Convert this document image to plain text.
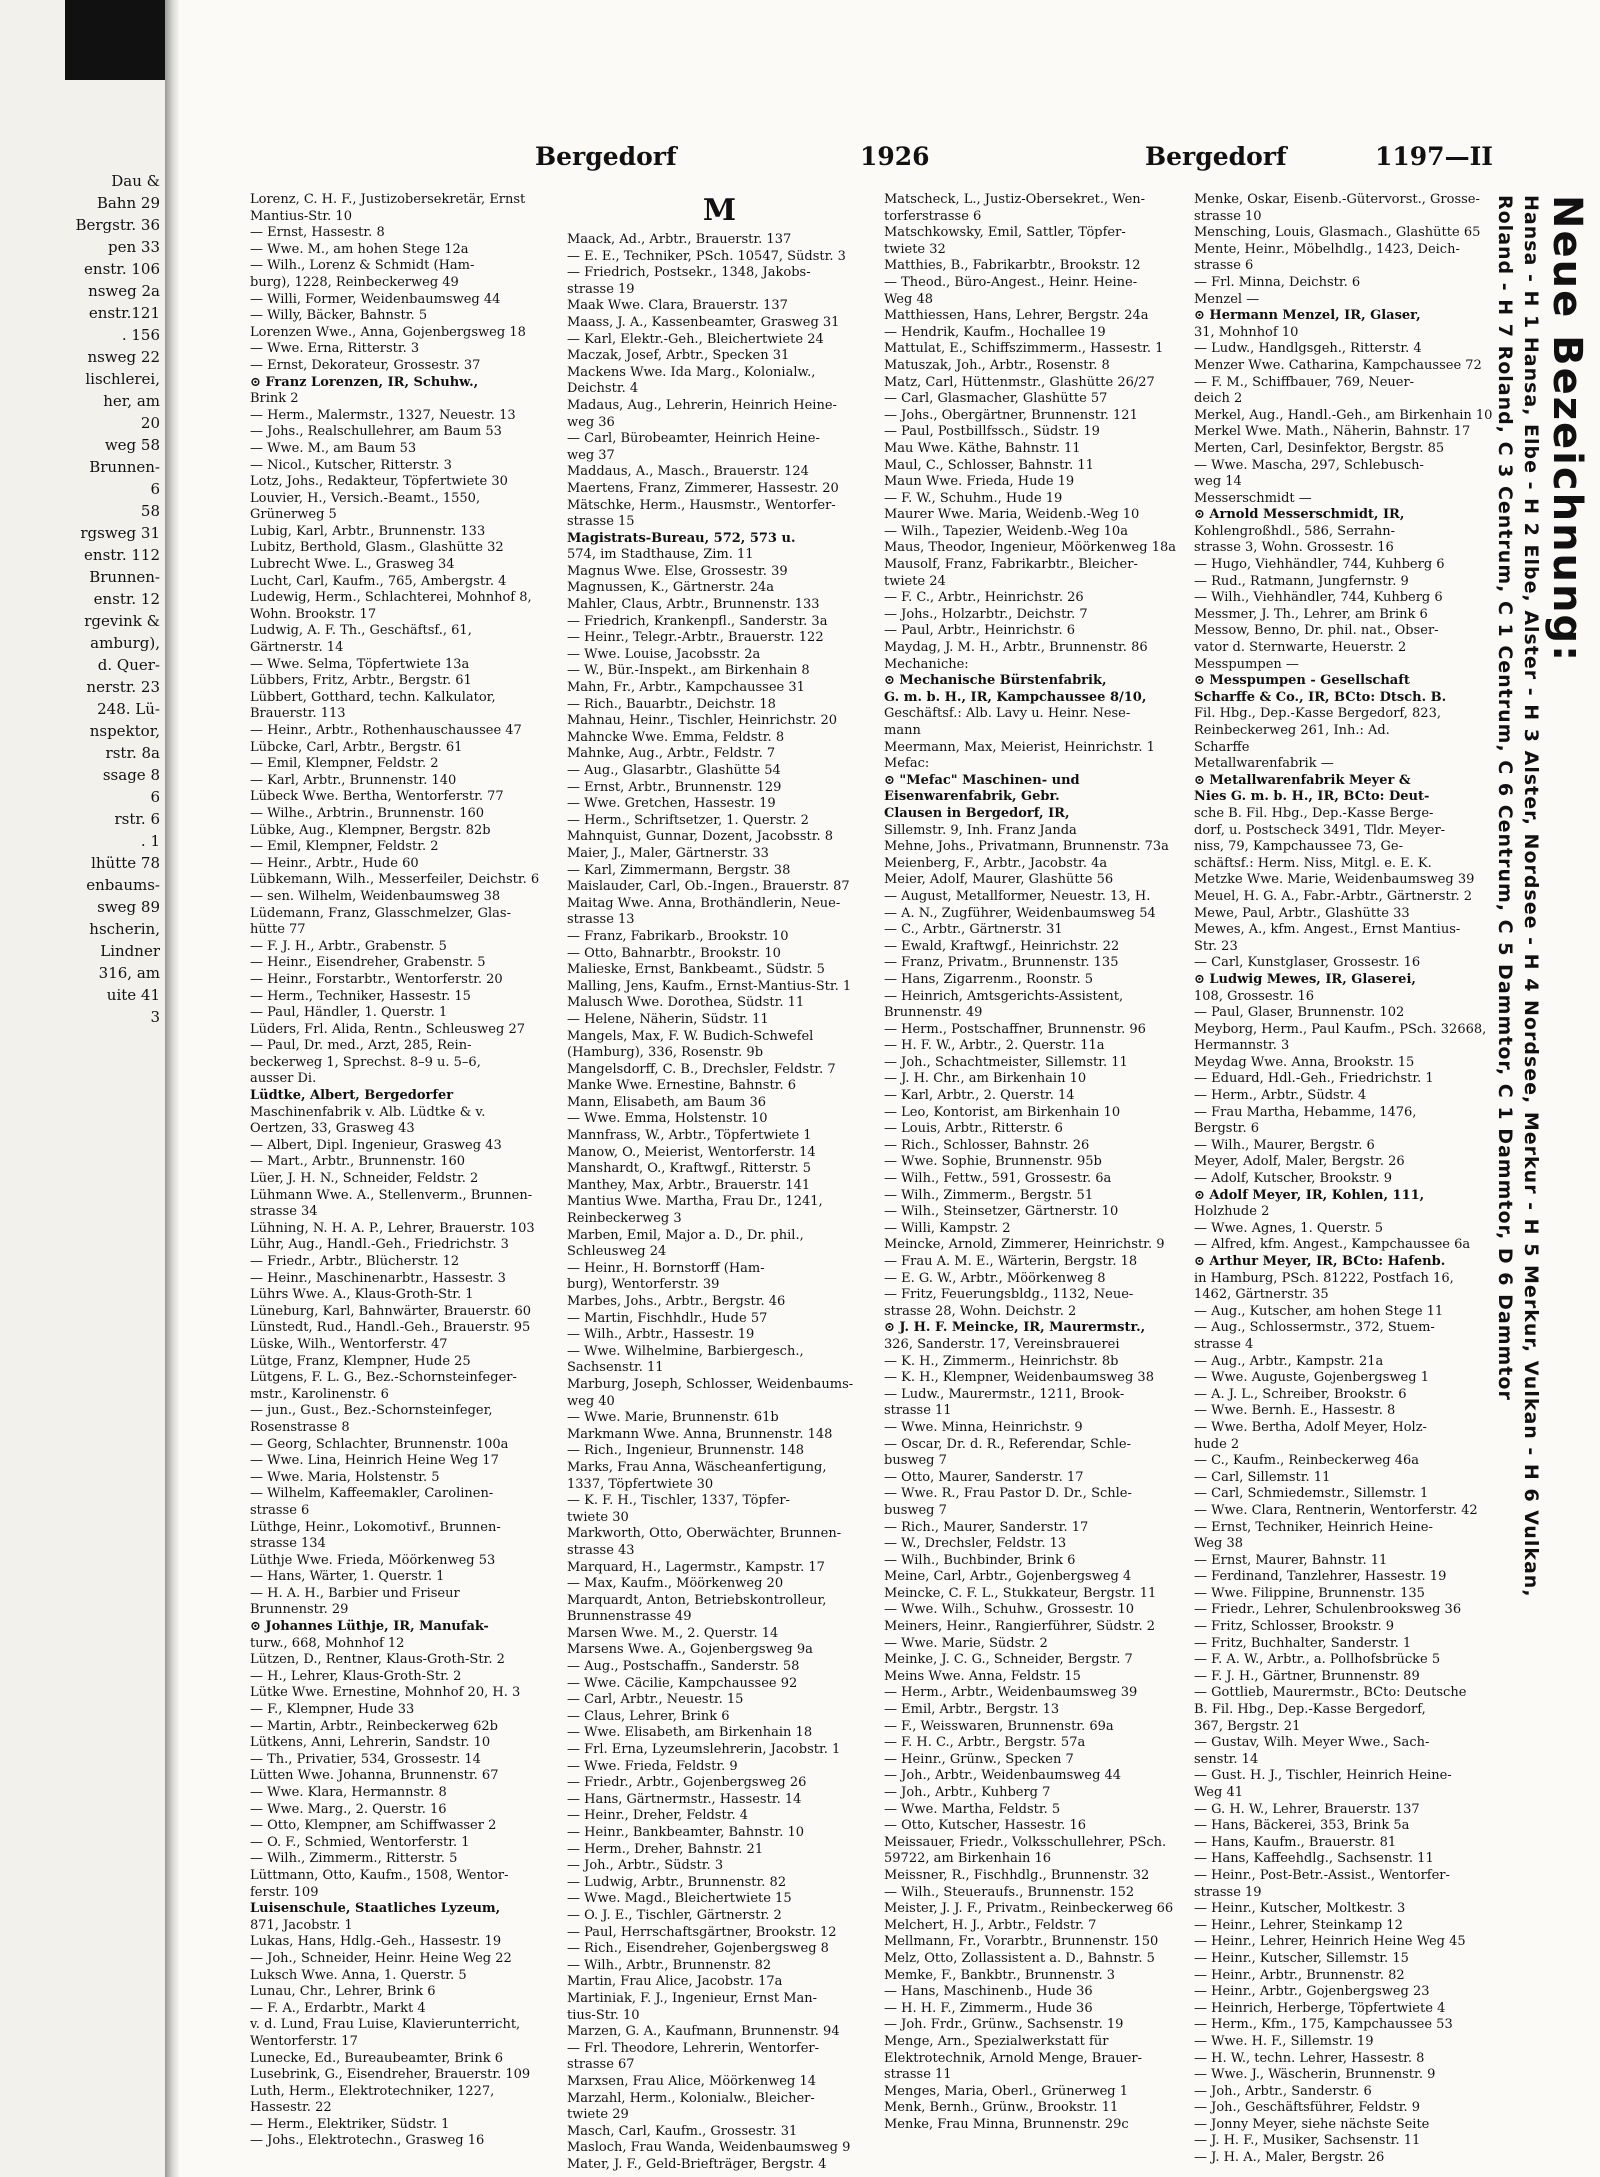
Dau &
Bahn 29
Bergstr. 36
pen 33
enstr. 106
nsweg 2a
enstr.121
. 156
nsweg 22
lischlerei,
her, am
20
weg 58
Brunnen-
6
58
rgsweg 31
enstr. 112
Brunnen-
enstr. 12
rgevink &
amburg),
d. Quer-
nerstr. 23
248. Lü-
nspektor,
rstr. 8a
ssage 8
6
rstr. 6
. 1
lhütte 78
enbaums-
sweg 89
hscherin,
Lindner
316, am
uite 41
3
Bergedorf	1926	Bergedorf	1197—II
Lorenz, C. H. F., Justizobersekretär, Ernst
Mantius-Str. 10
— Ernst, Hassestr. 8
— Wwe. M., am hohen Stege 12a
— Wilh., Lorenz & Schmidt (Ham-
burg), 1228, Reinbeckerweg 49
— Willi, Former, Weidenbaumsweg 44
— Willy, Bäcker, Bahnstr. 5
Lorenzen Wwe., Anna, Gojenbergsweg 18
— Wwe. Erna, Ritterstr. 3
— Ernst, Dekorateur, Grossestr. 37
⊙ Franz Lorenzen, IR, Schuhw.,
Brink 2
— Herm., Malermstr., 1327, Neuestr. 13
— Johs., Realschullehrer, am Baum 53
— Wwe. M., am Baum 53
— Nicol., Kutscher, Ritterstr. 3
Lotz, Johs., Redakteur, Töpfertwiete 30
Louvier, H., Versich.-Beamt., 1550,
Grünerweg 5
Lubig, Karl, Arbtr., Brunnenstr. 133
Lubitz, Berthold, Glasm., Glashütte 32
Lubrecht Wwe. L., Grasweg 34
Lucht, Carl, Kaufm., 765, Ambergstr. 4
Ludewig, Herm., Schlachterei, Mohnhof 8,
Wohn. Brookstr. 17
Ludwig, A. F. Th., Geschäftsf., 61,
Gärtnerstr. 14
— Wwe. Selma, Töpfertwiete 13a
Lübbers, Fritz, Arbtr., Bergstr. 61
Lübbert, Gotthard, techn. Kalkulator,
Brauerstr. 113
— Heinr., Arbtr., Rothenhauschaussee 47
Lübcke, Carl, Arbtr., Bergstr. 61
— Emil, Klempner, Feldstr. 2
— Karl, Arbtr., Brunnenstr. 140
Lübeck Wwe. Bertha, Wentorferstr. 77
— Wilhe., Arbtrin., Brunnenstr. 160
Lübke, Aug., Klempner, Bergstr. 82b
— Emil, Klempner, Feldstr. 2
— Heinr., Arbtr., Hude 60
Lübkemann, Wilh., Messerfeiler, Deichstr. 6
— sen. Wilhelm, Weidenbaumsweg 38
Lüdemann, Franz, Glasschmelzer, Glas-
hütte 77
— F. J. H., Arbtr., Grabenstr. 5
— Heinr., Eisendreher, Grabenstr. 5
— Heinr., Forstarbtr., Wentorferstr. 20
— Herm., Techniker, Hassestr. 15
— Paul, Händler, 1. Querstr. 1
Lüders, Frl. Alida, Rentn., Schleusweg 27
— Paul, Dr. med., Arzt, 285, Rein-
beckerweg 1, Sprechst. 8–9 u. 5–6,
ausser Di.
Lüdtke, Albert, Bergedorfer
Maschinenfabrik v. Alb. Lüdtke & v.
Oertzen, 33, Grasweg 43
— Albert, Dipl. Ingenieur, Grasweg 43
— Mart., Arbtr., Brunnenstr. 160
Lüer, J. H. N., Schneider, Feldstr. 2
Lühmann Wwe. A., Stellenverm., Brunnen-
strasse 34
Lühning, N. H. A. P., Lehrer, Brauerstr. 103
Lühr, Aug., Handl.-Geh., Friedrichstr. 3
— Friedr., Arbtr., Blücherstr. 12
— Heinr., Maschinenarbtr., Hassestr. 3
Lührs Wwe. A., Klaus-Groth-Str. 1
Lüneburg, Karl, Bahnwärter, Brauerstr. 60
Lünstedt, Rud., Handl.-Geh., Brauerstr. 95
Lüske, Wilh., Wentorferstr. 47
Lütge, Franz, Klempner, Hude 25
Lütgens, F. L. G., Bez.-Schornsteinfeger-
mstr., Karolinenstr. 6
— jun., Gust., Bez.-Schornsteinfeger,
Rosenstrasse 8
— Georg, Schlachter, Brunnenstr. 100a
— Wwe. Lina, Heinrich Heine Weg 17
— Wwe. Maria, Holstenstr. 5
— Wilhelm, Kaffeemakler, Carolinen-
strasse 6
Lüthge, Heinr., Lokomotivf., Brunnen-
strasse 134
Lüthje Wwe. Frieda, Möörkenweg 53
— Hans, Wärter, 1. Querstr. 1
— H. A. H., Barbier und Friseur
Brunnenstr. 29
⊙ Johannes Lüthje, IR, Manufak-
turw., 668, Mohnhof 12
Lützen, D., Rentner, Klaus-Groth-Str. 2
— H., Lehrer, Klaus-Groth-Str. 2
Lütke Wwe. Ernestine, Mohnhof 20, H. 3
— F., Klempner, Hude 33
— Martin, Arbtr., Reinbeckerweg 62b
Lütkens, Anni, Lehrerin, Sandstr. 10
— Th., Privatier, 534, Grossestr. 14
Lütten Wwe. Johanna, Brunnenstr. 67
— Wwe. Klara, Hermannstr. 8
— Wwe. Marg., 2. Querstr. 16
— Otto, Klempner, am Schiffwasser 2
— O. F., Schmied, Wentorferstr. 1
— Wilh., Zimmerm., Ritterstr. 5
Lüttmann, Otto, Kaufm., 1508, Wentor-
ferstr. 109
Luisenschule, Staatliches Lyzeum,
871, Jacobstr. 1
Lukas, Hans, Hdlg.-Geh., Hassestr. 19
— Joh., Schneider, Heinr. Heine Weg 22
Luksch Wwe. Anna, 1. Querstr. 5
Lunau, Chr., Lehrer, Brink 6
— F. A., Erdarbtr., Markt 4
v. d. Lund, Frau Luise, Klavierunterricht,
Wentorferstr. 17
Lunecke, Ed., Bureaubeamter, Brink 6
Lusebrink, G., Eisendreher, Brauerstr. 109
Luth, Herm., Elektrotechniker, 1227,
Hassestr. 22
— Herm., Elektriker, Südstr. 1
— Johs., Elektrotechn., Grasweg 16
M
Maack, Ad., Arbtr., Brauerstr. 137
— E. E., Techniker, PSch. 10547, Südstr. 3
— Friedrich, Postsekr., 1348, Jakobs-
strasse 19
Maak Wwe. Clara, Brauerstr. 137
Maass, J. A., Kassenbeamter, Grasweg 31
— Karl, Elektr.-Geh., Bleichertwiete 24
Maczak, Josef, Arbtr., Specken 31
Mackens Wwe. Ida Marg., Kolonialw.,
Deichstr. 4
Madaus, Aug., Lehrerin, Heinrich Heine-
weg 36
— Carl, Bürobeamter, Heinrich Heine-
weg 37
Maddaus, A., Masch., Brauerstr. 124
Maertens, Franz, Zimmerer, Hassestr. 20
Mätschke, Herm., Hausmstr., Wentorfer-
strasse 15
Magistrats-Bureau, 572, 573 u.
574, im Stadthause, Zim. 11
Magnus Wwe. Else, Grossestr. 39
Magnussen, K., Gärtnerstr. 24a
Mahler, Claus, Arbtr., Brunnenstr. 133
— Friedrich, Krankenpfl., Sanderstr. 3a
— Heinr., Telegr.-Arbtr., Brauerstr. 122
— Wwe. Louise, Jacobsstr. 2a
— W., Bür.-Inspekt., am Birkenhain 8
Mahn, Fr., Arbtr., Kampchaussee 31
— Rich., Bauarbtr., Deichstr. 18
Mahnau, Heinr., Tischler, Heinrichstr. 20
Mahncke Wwe. Emma, Feldstr. 8
Mahnke, Aug., Arbtr., Feldstr. 7
— Aug., Glasarbtr., Glashütte 54
— Ernst, Arbtr., Brunnenstr. 129
— Wwe. Gretchen, Hassestr. 19
— Herm., Schriftsetzer, 1. Querstr. 2
Mahnquist, Gunnar, Dozent, Jacobsstr. 8
Maier, J., Maler, Gärtnerstr. 33
— Karl, Zimmermann, Bergstr. 38
Maislauder, Carl, Ob.-Ingen., Brauerstr. 87
Maitag Wwe. Anna, Brothändlerin, Neue-
strasse 13
— Franz, Fabrikarb., Brookstr. 10
— Otto, Bahnarbtr., Brookstr. 10
Malieske, Ernst, Bankbeamt., Südstr. 5
Malling, Jens, Kaufm., Ernst-Mantius-Str. 1
Malusch Wwe. Dorothea, Südstr. 11
— Helene, Näherin, Südstr. 11
Mangels, Max, F. W. Budich-Schwefel
(Hamburg), 336, Rosenstr. 9b
Mangelsdorff, C. B., Drechsler, Feldstr. 7
Manke Wwe. Ernestine, Bahnstr. 6
Mann, Elisabeth, am Baum 36
— Wwe. Emma, Holstenstr. 10
Mannfrass, W., Arbtr., Töpfertwiete 1
Manow, O., Meierist, Wentorferstr. 14
Manshardt, O., Kraftwgf., Ritterstr. 5
Manthey, Max, Arbtr., Brauerstr. 141
Mantius Wwe. Martha, Frau Dr., 1241,
Reinbeckerweg 3
Marben, Emil, Major a. D., Dr. phil.,
Schleusweg 24
— Heinr., H. Bornstorff (Ham-
burg), Wentorferstr. 39
Marbes, Johs., Arbtr., Bergstr. 46
— Martin, Fischhdlr., Hude 57
— Wilh., Arbtr., Hassestr. 19
— Wwe. Wilhelmine, Barbiergesch.,
Sachsenstr. 11
Marburg, Joseph, Schlosser, Weidenbaums-
weg 40
— Wwe. Marie, Brunnenstr. 61b
Markmann Wwe. Anna, Brunnenstr. 148
— Rich., Ingenieur, Brunnenstr. 148
Marks, Frau Anna, Wäscheanfertigung,
1337, Töpfertwiete 30
— K. F. H., Tischler, 1337, Töpfer-
twiete 30
Markworth, Otto, Oberwächter, Brunnen-
strasse 43
Marquard, H., Lagermstr., Kampstr. 17
— Max, Kaufm., Möörkenweg 20
Marquardt, Anton, Betriebskontrolleur,
Brunnenstrasse 49
Marsen Wwe. M., 2. Querstr. 14
Marsens Wwe. A., Gojenbergsweg 9a
— Aug., Postschaffn., Sanderstr. 58
— Wwe. Cäcilie, Kampchaussee 92
— Carl, Arbtr., Neuestr. 15
— Claus, Lehrer, Brink 6
— Wwe. Elisabeth, am Birkenhain 18
— Frl. Erna, Lyzeumslehrerin, Jacobstr. 1
— Wwe. Frieda, Feldstr. 9
— Friedr., Arbtr., Gojenbergsweg 26
— Hans, Gärtnermstr., Hassestr. 14
— Heinr., Dreher, Feldstr. 4
— Heinr., Bankbeamter, Bahnstr. 10
— Herm., Dreher, Bahnstr. 21
— Joh., Arbtr., Südstr. 3
— Ludwig, Arbtr., Brunnenstr. 82
— Wwe. Magd., Bleichertwiete 15
— O. J. E., Tischler, Gärtnerstr. 2
— Paul, Herrschaftsgärtner, Brookstr. 12
— Rich., Eisendreher, Gojenbergsweg 8
— Wilh., Arbtr., Brunnenstr. 82
Martin, Frau Alice, Jacobstr. 17a
Martiniak, F. J., Ingenieur, Ernst Man-
tius-Str. 10
Marzen, G. A., Kaufmann, Brunnenstr. 94
— Frl. Theodore, Lehrerin, Wentorfer-
strasse 67
Marxsen, Frau Alice, Möörkenweg 14
Marzahl, Herm., Kolonialw., Bleicher-
twiete 29
Masch, Carl, Kaufm., Grossestr. 31
Masloch, Frau Wanda, Weidenbaumsweg 9
Mater, J. F., Geld-Briefträger, Bergstr. 4
Matscheck, L., Justiz-Obersekret., Wen-
torferstrasse 6
Matschkowsky, Emil, Sattler, Töpfer-
twiete 32
Matthies, B., Fabrikarbtr., Brookstr. 12
— Theod., Büro-Angest., Heinr. Heine-
Weg 48
Matthiessen, Hans, Lehrer, Bergstr. 24a
— Hendrik, Kaufm., Hochallee 19
Mattulat, E., Schiffszimmerm., Hassestr. 1
Matuszak, Joh., Arbtr., Rosenstr. 8
Matz, Carl, Hüttenmstr., Glashütte 26/27
— Carl, Glasmacher, Glashütte 57
— Johs., Obergärtner, Brunnenstr. 121
— Paul, Postbillfssch., Südstr. 19
Mau Wwe. Käthe, Bahnstr. 11
Maul, C., Schlosser, Bahnstr. 11
Maun Wwe. Frieda, Hude 19
— F. W., Schuhm., Hude 19
Maurer Wwe. Maria, Weidenb.-Weg 10
— Wilh., Tapezier, Weidenb.-Weg 10a
Maus, Theodor, Ingenieur, Möörkenweg 18a
Mausolf, Franz, Fabrikarbtr., Bleicher-
twiete 24
— F. C., Arbtr., Heinrichstr. 26
— Johs., Holzarbtr., Deichstr. 7
— Paul, Arbtr., Heinrichstr. 6
Maydag, J. M. H., Arbtr., Brunnenstr. 86
Mechaniche:
⊙ Mechanische Bürstenfabrik,
G. m. b. H., IR, Kampchaussee 8/10,
Geschäftsf.: Alb. Lavy u. Heinr. Nese-
mann
Meermann, Max, Meierist, Heinrichstr. 1
Mefac:
⊙ "Mefac" Maschinen- und
Eisenwarenfabrik, Gebr.
Clausen in Bergedorf, IR,
Sillemstr. 9, Inh. Franz Janda
Mehne, Johs., Privatmann, Brunnenstr. 73a
Meienberg, F., Arbtr., Jacobstr. 4a
Meier, Adolf, Maurer, Glashütte 56
— August, Metallformer, Neuestr. 13, H.
— A. N., Zugführer, Weidenbaumsweg 54
— C., Arbtr., Gärtnerstr. 31
— Ewald, Kraftwgf., Heinrichstr. 22
— Franz, Privatm., Brunnenstr. 135
— Hans, Zigarrenm., Roonstr. 5
— Heinrich, Amtsgerichts-Assistent,
Brunnenstr. 49
— Herm., Postschaffner, Brunnenstr. 96
— H. F. W., Arbtr., 2. Querstr. 11a
— Joh., Schachtmeister, Sillemstr. 11
— J. H. Chr., am Birkenhain 10
— Karl, Arbtr., 2. Querstr. 14
— Leo, Kontorist, am Birkenhain 10
— Louis, Arbtr., Ritterstr. 6
— Rich., Schlosser, Bahnstr. 26
— Wwe. Sophie, Brunnenstr. 95b
— Wilh., Fettw., 591, Grossestr. 6a
— Wilh., Zimmerm., Bergstr. 51
— Wilh., Steinsetzer, Gärtnerstr. 10
— Willi, Kampstr. 2
Meincke, Arnold, Zimmerer, Heinrichstr. 9
— Frau A. M. E., Wärterin, Bergstr. 18
— E. G. W., Arbtr., Möörkenweg 8
— Fritz, Feuerungsbldg., 1132, Neue-
strasse 28, Wohn. Deichstr. 2
⊙ J. H. F. Meincke, IR, Maurermstr.,
326, Sanderstr. 17, Vereinsbrauerei
— K. H., Zimmerm., Heinrichstr. 8b
— K. H., Klempner, Weidenbaumsweg 38
— Ludw., Maurermstr., 1211, Brook-
strasse 11
— Wwe. Minna, Heinrichstr. 9
— Oscar, Dr. d. R., Referendar, Schle-
busweg 7
— Otto, Maurer, Sanderstr. 17
— Wwe. R., Frau Pastor D. Dr., Schle-
busweg 7
— Rich., Maurer, Sanderstr. 17
— W., Drechsler, Feldstr. 13
— Wilh., Buchbinder, Brink 6
Meine, Carl, Arbtr., Gojenbergsweg 4
Meincke, C. F. L., Stukkateur, Bergstr. 11
— Wwe. Wilh., Schuhw., Grossestr. 10
Meiners, Heinr., Rangierführer, Südstr. 2
— Wwe. Marie, Südstr. 2
Meinke, J. C. G., Schneider, Bergstr. 7
Meins Wwe. Anna, Feldstr. 15
— Herm., Arbtr., Weidenbaumsweg 39
— Emil, Arbtr., Bergstr. 13
— F., Weisswaren, Brunnenstr. 69a
— F. H. C., Arbtr., Bergstr. 57a
— Heinr., Grünw., Specken 7
— Joh., Arbtr., Weidenbaumsweg 44
— Joh., Arbtr., Kuhberg 7
— Wwe. Martha, Feldstr. 5
— Otto, Kutscher, Hassestr. 16
Meissauer, Friedr., Volksschullehrer, PSch.
59722, am Birkenhain 16
Meissner, R., Fischhdlg., Brunnenstr. 32
— Wilh., Steueraufs., Brunnenstr. 152
Meister, J. J. F., Privatm., Reinbeckerweg 66
Melchert, H. J., Arbtr., Feldstr. 7
Mellmann, Fr., Vorarbtr., Brunnenstr. 150
Melz, Otto, Zollassistent a. D., Bahnstr. 5
Memke, F., Bankbtr., Brunnenstr. 3
— Hans, Maschinenb., Hude 36
— H. H. F., Zimmerm., Hude 36
— Joh. Frdr., Grünw., Sachsenstr. 19
Menge, Arn., Spezialwerkstatt für
Elektrotechnik, Arnold Menge, Brauer-
strasse 11
Menges, Maria, Oberl., Grünerweg 1
Menk, Bernh., Grünw., Brookstr. 11
Menke, Frau Minna, Brunnenstr. 29c
Menke, Oskar, Eisenb.-Gütervorst., Grosse-
strasse 10
Mensching, Louis, Glasmach., Glashütte 65
Mente, Heinr., Möbelhdlg., 1423, Deich-
strasse 6
— Frl. Minna, Deichstr. 6
Menzel —
⊙ Hermann Menzel, IR, Glaser,
31, Mohnhof 10
— Ludw., Handlgsgeh., Ritterstr. 4
Menzer Wwe. Catharina, Kampchaussee 72
— F. M., Schiffbauer, 769, Neuer-
deich 2
Merkel, Aug., Handl.-Geh., am Birkenhain 10
Merkel Wwe. Math., Näherin, Bahnstr. 17
Merten, Carl, Desinfektor, Bergstr. 85
— Wwe. Mascha, 297, Schlebusch-
weg 14
Messerschmidt —
⊙ Arnold Messerschmidt, IR,
Kohlengroßhdl., 586, Serrahn-
strasse 3, Wohn. Grossestr. 16
— Hugo, Viehhändler, 744, Kuhberg 6
— Rud., Ratmann, Jungfernstr. 9
— Wilh., Viehhändler, 744, Kuhberg 6
Messmer, J. Th., Lehrer, am Brink 6
Messow, Benno, Dr. phil. nat., Obser-
vator d. Sternwarte, Heuerstr. 2
Messpumpen —
⊙ Messpumpen - Gesellschaft
Scharffe & Co., IR, BCto: Dtsch. B.
Fil. Hbg., Dep.-Kasse Bergedorf, 823,
Reinbeckerweg 261, Inh.: Ad.
Scharffe
Metallwarenfabrik —
⊙ Metallwarenfabrik Meyer &
Nies G. m. b. H., IR, BCto: Deut-
sche B. Fil. Hbg., Dep.-Kasse Berge-
dorf, u. Postscheck 3491, Tldr. Meyer-
niss, 79, Kampchaussee 73, Ge-
schäftsf.: Herm. Niss, Mitgl. e. E. K.
Metzke Wwe. Marie, Weidenbaumsweg 39
Meuel, H. G. A., Fabr.-Arbtr., Gärtnerstr. 2
Mewe, Paul, Arbtr., Glashütte 33
Mewes, A., kfm. Angest., Ernst Mantius-
Str. 23
— Carl, Kunstglaser, Grossestr. 16
⊙ Ludwig Mewes, IR, Glaserei,
108, Grossestr. 16
— Paul, Glaser, Brunnenstr. 102
Meyborg, Herm., Paul Kaufm., PSch. 32668,
Hermannstr. 3
Meydag Wwe. Anna, Brookstr. 15
— Eduard, Hdl.-Geh., Friedrichstr. 1
— Herm., Arbtr., Südstr. 4
— Frau Martha, Hebamme, 1476,
Bergstr. 6
— Wilh., Maurer, Bergstr. 6
Meyer, Adolf, Maler, Bergstr. 26
— Adolf, Kutscher, Brookstr. 9
⊙ Adolf Meyer, IR, Kohlen, 111,
Holzhude 2
— Wwe. Agnes, 1. Querstr. 5
— Alfred, kfm. Angest., Kampchaussee 6a
⊙ Arthur Meyer, IR, BCto: Hafenb.
in Hamburg, PSch. 81222, Postfach 16,
1462, Gärtnerstr. 35
— Aug., Kutscher, am hohen Stege 11
— Aug., Schlossermstr., 372, Stuem-
strasse 4
— Aug., Arbtr., Kampstr. 21a
— Wwe. Auguste, Gojenbergsweg 1
— A. J. L., Schreiber, Brookstr. 6
— Wwe. Bernh. E., Hassestr. 8
— Wwe. Bertha, Adolf Meyer, Holz-
hude 2
— C., Kaufm., Reinbeckerweg 46a
— Carl, Sillemstr. 11
— Carl, Schmiedemstr., Sillemstr. 1
— Wwe. Clara, Rentnerin, Wentorferstr. 42
— Ernst, Techniker, Heinrich Heine-
Weg 38
— Ernst, Maurer, Bahnstr. 11
— Ferdinand, Tanzlehrer, Hassestr. 19
— Wwe. Filippine, Brunnenstr. 135
— Friedr., Lehrer, Schulenbrooksweg 36
— Fritz, Schlosser, Brookstr. 9
— Fritz, Buchhalter, Sanderstr. 1
— F. A. W., Arbtr., a. Pollhofsbrücke 5
— F. J. H., Gärtner, Brunnenstr. 89
— Gottlieb, Maurermstr., BCto: Deutsche
B. Fil. Hbg., Dep.-Kasse Bergedorf,
367, Bergstr. 21
— Gustav, Wilh. Meyer Wwe., Sach-
senstr. 14
— Gust. H. J., Tischler, Heinrich Heine-
Weg 41
— G. H. W., Lehrer, Brauerstr. 137
— Hans, Bäckerei, 353, Brink 5a
— Hans, Kaufm., Brauerstr. 81
— Hans, Kaffeehdlg., Sachsenstr. 11
— Heinr., Post-Betr.-Assist., Wentorfer-
strasse 19
— Heinr., Kutscher, Moltkestr. 3
— Heinr., Lehrer, Steinkamp 12
— Heinr., Lehrer, Heinrich Heine Weg 45
— Heinr., Kutscher, Sillemstr. 15
— Heinr., Arbtr., Brunnenstr. 82
— Heinr., Arbtr., Gojenbergsweg 23
— Heinrich, Herberge, Töpfertwiete 4
— Herm., Kfm., 175, Kampchaussee 53
— Wwe. H. F., Sillemstr. 19
— H. W., techn. Lehrer, Hassestr. 8
— Wwe. J., Wäscherin, Brunnenstr. 9
— Joh., Arbtr., Sanderstr. 6
— Joh., Geschäftsführer, Feldstr. 9
— Jonny Meyer, siehe nächste Seite
— J. H. F., Musiker, Sachsenstr. 11
— J. H. A., Maler, Bergstr. 26
Neue Bezeichnung:
Hansa - H 1 Hansa, Elbe - H 2 Elbe, Alster - H 3 Alster, Nordsee - H 4 Nordsee, Merkur - H 5 Merkur, Vulkan - H 6 Vulkan,
Roland - H 7 Roland, C 3 Centrum, C 1 Centrum, C 6 Centrum, C 5 Dammtor, C 1 Dammtor, D 6 Dammtor
